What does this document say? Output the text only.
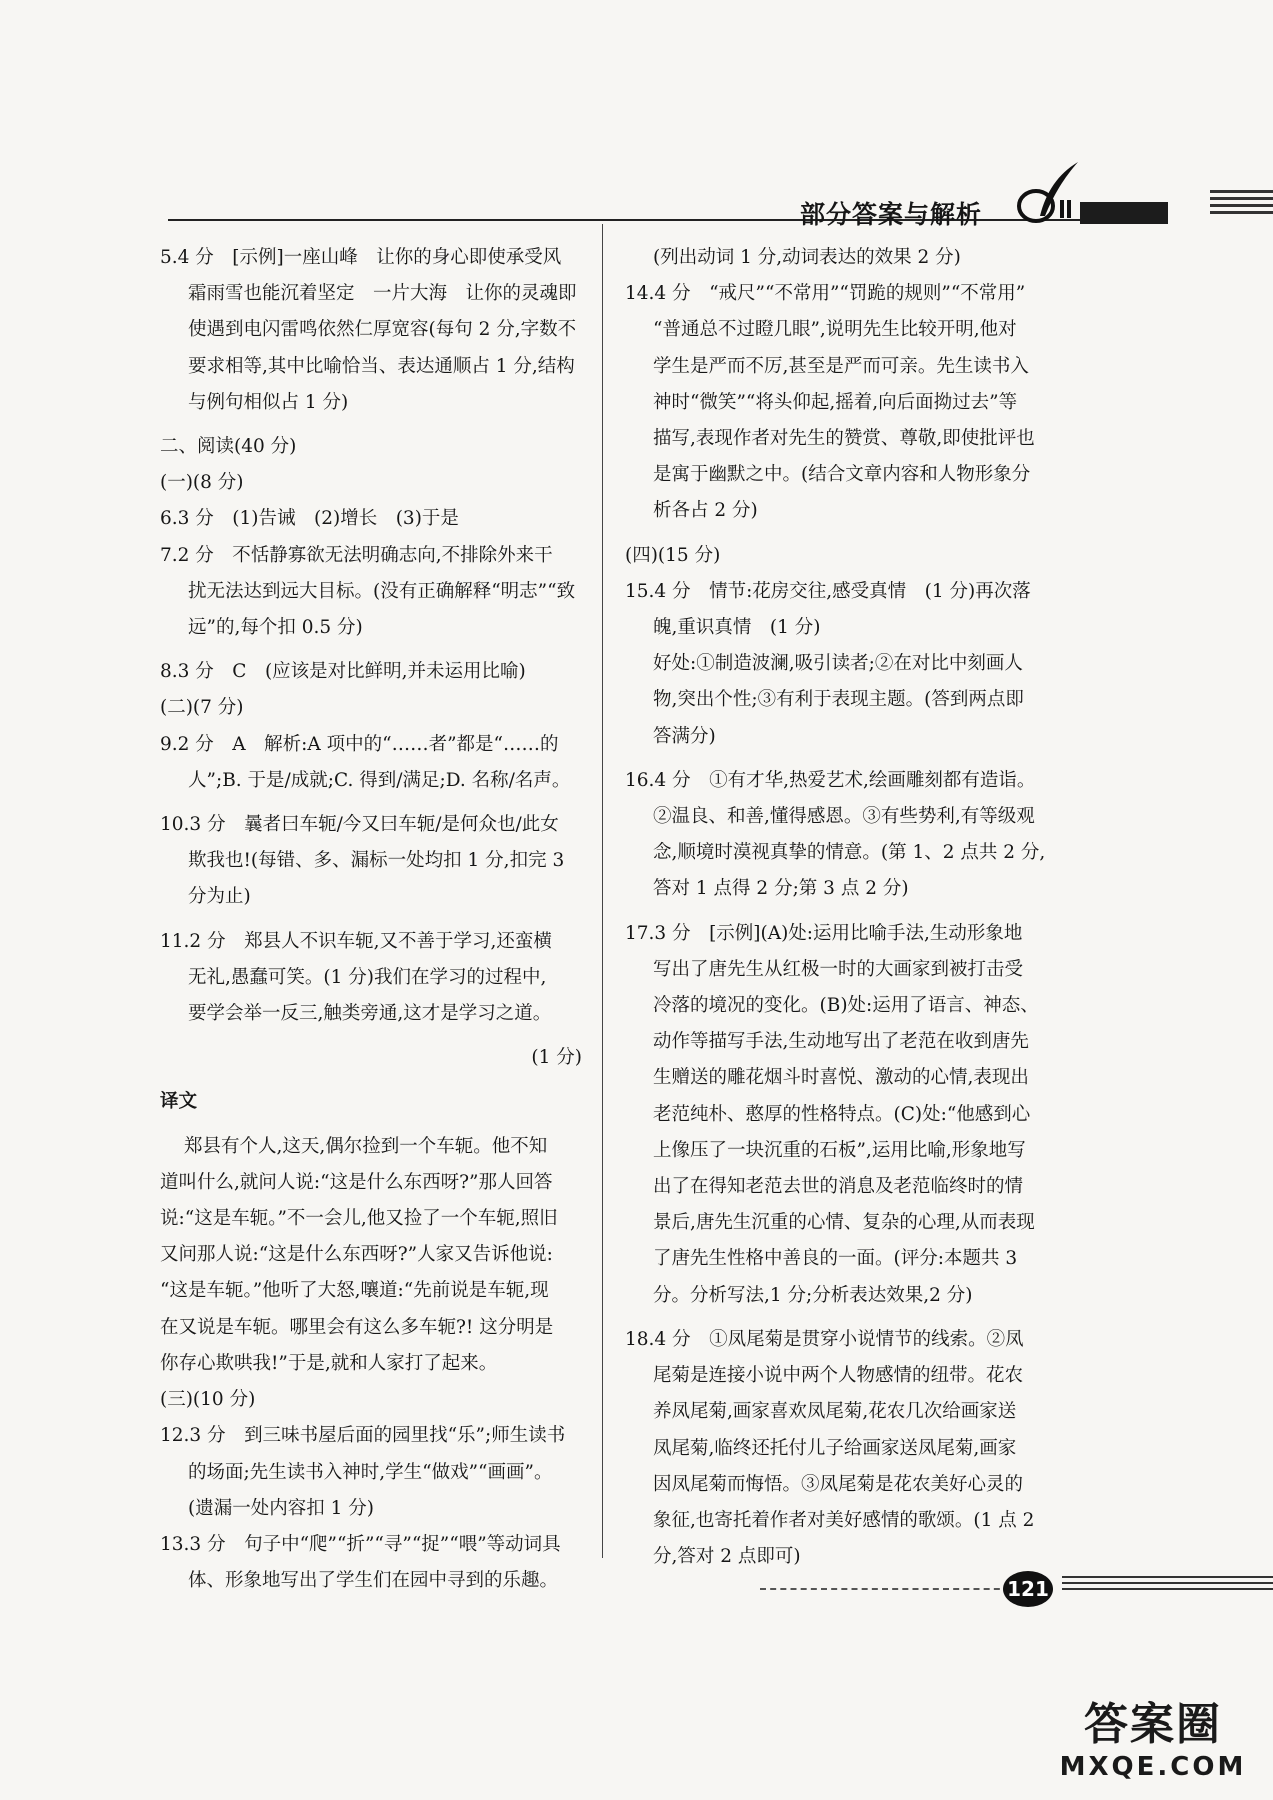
部分答案与解析

5.4 分　[示例]一座山峰　让你的身心即使承受风

霜雨雪也能沉着坚定　一片大海　让你的灵魂即

使遇到电闪雷鸣依然仁厚宽容(每句 2 分,字数不

要求相等,其中比喻恰当、表达通顺占 1 分,结构

与例句相似占 1 分)

二、阅读(40 分)

(一)(8 分)

6.3 分　(1)告诫　(2)增长　(3)于是

7.2 分　不恬静寡欲无法明确志向,不排除外来干

扰无法达到远大目标。(没有正确解释“明志”“致

远”的,每个扣 0.5 分)

8.3 分　C　(应该是对比鲜明,并未运用比喻)

(二)(7 分)

9.2 分　A　解析:A 项中的“……者”都是“……的

人”;B. 于是/成就;C. 得到/满足;D. 名称/名声。

10.3 分　曩者曰车轭/今又曰车轭/是何众也/此女

欺我也!(每错、多、漏标一处均扣 1 分,扣完 3

分为止)

11.2 分　郑县人不识车轭,又不善于学习,还蛮横

无礼,愚蠢可笑。(1 分)我们在学习的过程中,

要学会举一反三,触类旁通,这才是学习之道。

(1 分)

译文

郑县有个人,这天,偶尔捡到一个车轭。他不知

道叫什么,就问人说:“这是什么东西呀?”那人回答

说:“这是车轭。”不一会儿,他又捡了一个车轭,照旧

又问那人说:“这是什么东西呀?”人家又告诉他说:

“这是车轭。”他听了大怒,嚷道:“先前说是车轭,现

在又说是车轭。哪里会有这么多车轭?! 这分明是

你存心欺哄我!”于是,就和人家打了起来。

(三)(10 分)

12.3 分　到三味书屋后面的园里找“乐”;师生读书

的场面;先生读书入神时,学生“做戏”“画画”。

(遗漏一处内容扣 1 分)

13.3 分　句子中“爬”“折”“寻”“捉”“喂”等动词具

体、形象地写出了学生们在园中寻到的乐趣。

(列出动词 1 分,动词表达的效果 2 分)

14.4 分　“戒尺”“不常用”“罚跪的规则”“不常用”

“普通总不过瞪几眼”,说明先生比较开明,他对

学生是严而不厉,甚至是严而可亲。先生读书入

神时“微笑”“将头仰起,摇着,向后面拗过去”等

描写,表现作者对先生的赞赏、尊敬,即使批评也

是寓于幽默之中。(结合文章内容和人物形象分

析各占 2 分)

(四)(15 分)

15.4 分　情节:花房交往,感受真情　(1 分)再次落

魄,重识真情　(1 分)

好处:①制造波澜,吸引读者;②在对比中刻画人

物,突出个性;③有利于表现主题。(答到两点即

答满分)

16.4 分　①有才华,热爱艺术,绘画雕刻都有造诣。

②温良、和善,懂得感恩。③有些势利,有等级观

念,顺境时漠视真挚的情意。(第 1、2 点共 2 分,

答对 1 点得 2 分;第 3 点 2 分)

17.3 分　[示例](A)处:运用比喻手法,生动形象地

写出了唐先生从红极一时的大画家到被打击受

冷落的境况的变化。(B)处:运用了语言、神态、

动作等描写手法,生动地写出了老范在收到唐先

生赠送的雕花烟斗时喜悦、激动的心情,表现出

老范纯朴、憨厚的性格特点。(C)处:“他感到心

上像压了一块沉重的石板”,运用比喻,形象地写

出了在得知老范去世的消息及老范临终时的情

景后,唐先生沉重的心情、复杂的心理,从而表现

了唐先生性格中善良的一面。(评分:本题共 3

分。分析写法,1 分;分析表达效果,2 分)

18.4 分　①凤尾菊是贯穿小说情节的线索。②凤

尾菊是连接小说中两个人物感情的纽带。花农

养凤尾菊,画家喜欢凤尾菊,花农几次给画家送

凤尾菊,临终还托付儿子给画家送凤尾菊,画家

因凤尾菊而悔悟。③凤尾菊是花农美好心灵的

象征,也寄托着作者对美好感情的歌颂。(1 点 2

分,答对 2 点即可)

121
答案圈
MXQE.COM
